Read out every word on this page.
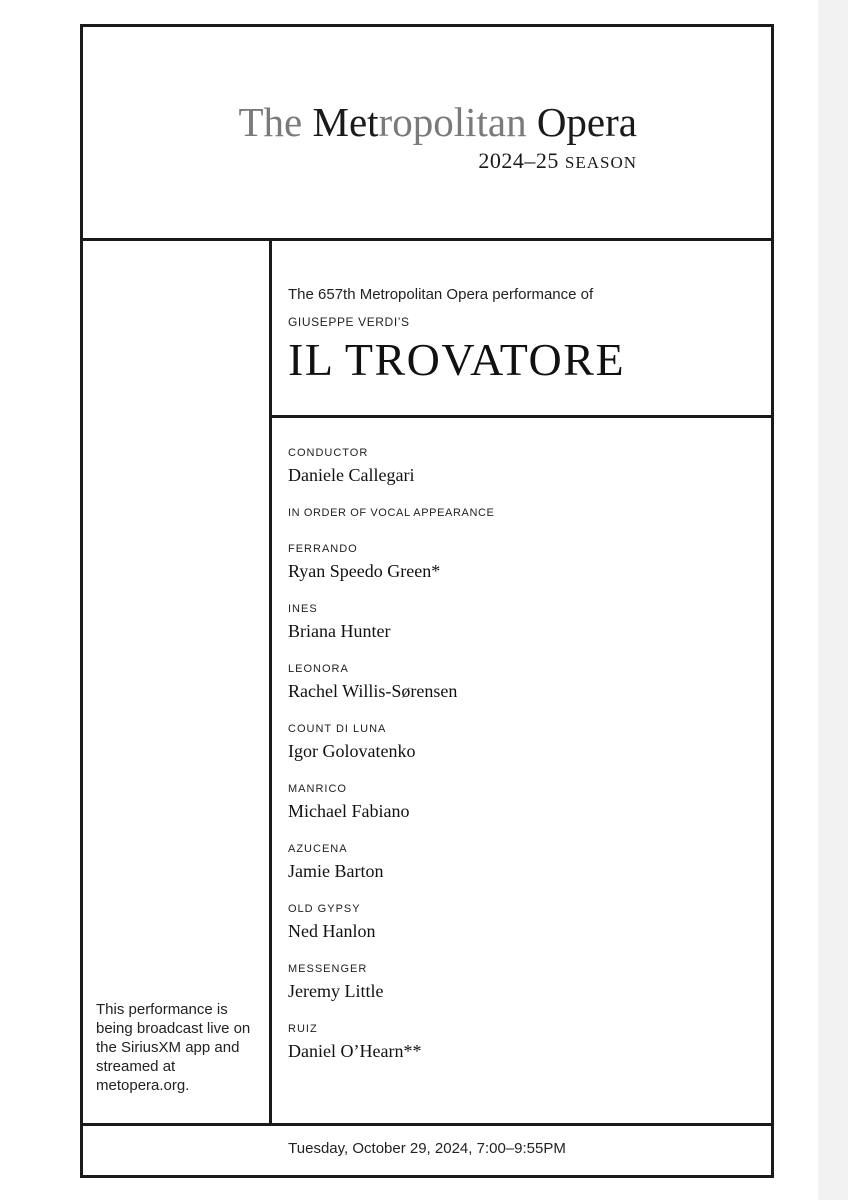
The Metropolitan Opera
2024–25 SEASON
The 657th Metropolitan Opera performance of
GIUSEPPE VERDI’S
IL TROVATORE
CONDUCTOR
Daniele Callegari
IN ORDER OF VOCAL APPEARANCE
FERRANDO
Ryan Speedo Green*
INES
Briana Hunter
LEONORA
Rachel Willis-Sørensen
COUNT DI LUNA
Igor Golovatenko
MANRICO
Michael Fabiano
AZUCENA
Jamie Barton
OLD GYPSY
Ned Hanlon
MESSENGER
Jeremy Little
RUIZ
Daniel O’Hearn**
This performance is being broadcast live on the SiriusXM app and streamed at metopera.org.
Tuesday, October 29, 2024, 7:00–9:55PM
